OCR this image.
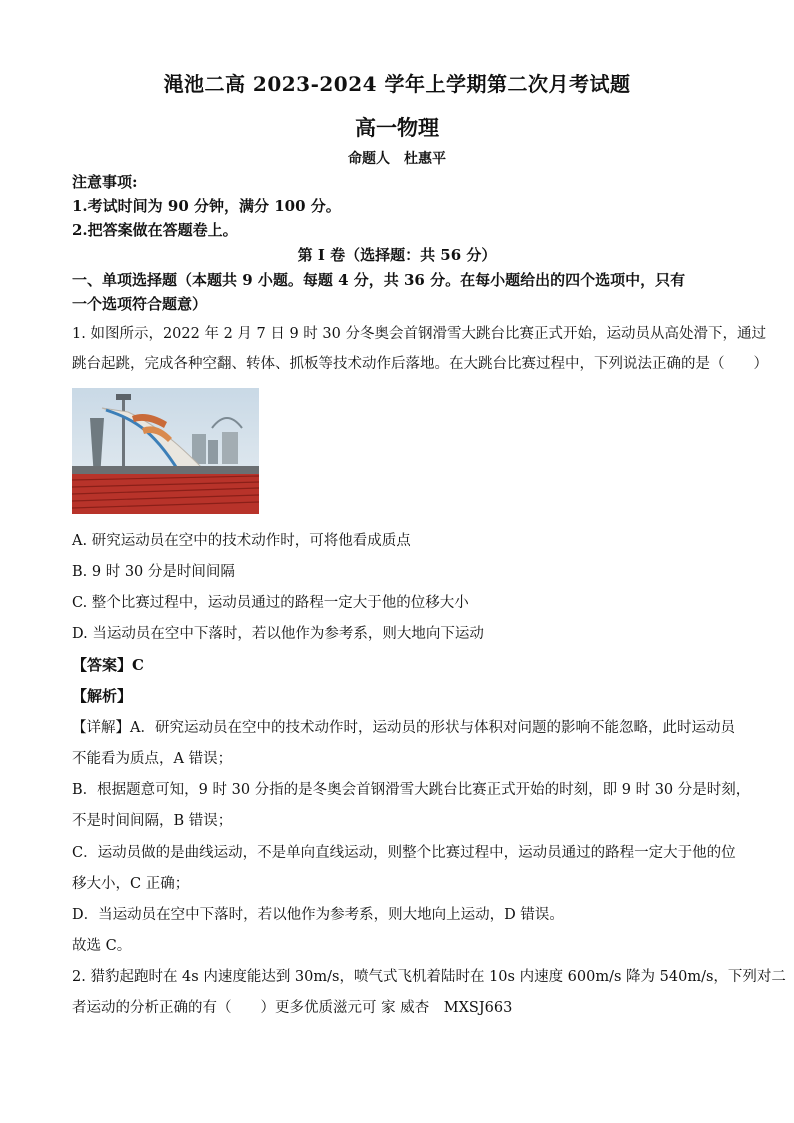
渑池二高 2023-2024 学年上学期第二次月考试题
高一物理
命题人　杜惠平
注意事项:
1.考试时间为 90 分钟，满分 100 分。
2.把答案做在答题卷上。
第 I 卷（选择题：共 56 分）
一、单项选择题（本题共 9 小题。每题 4 分，共 36 分。在每小题给出的四个选项中，只有
一个选项符合题意）
1. 如图所示，2022 年 2 月 7 日 9 时 30 分冬奥会首钢滑雪大跳台比赛正式开始，运动员从高处滑下，通过
跳台起跳，完成各种空翻、转体、抓板等技术动作后落地。在大跳台比赛过程中，下列说法正确的是（　　）
A. 研究运动员在空中的技术动作时，可将他看成质点
B. 9 时 30 分是时间间隔
C. 整个比赛过程中，运动员通过的路程一定大于他的位移大小
D. 当运动员在空中下落时，若以他作为参考系，则大地向下运动
【答案】C
【解析】
【详解】A．研究运动员在空中的技术动作时，运动员的形状与体积对问题的影响不能忽略，此时运动员
不能看为质点，A 错误；
B．根据题意可知，9 时 30 分指的是冬奥会首钢滑雪大跳台比赛正式开始的时刻，即 9 时 30 分是时刻，
不是时间间隔，B 错误；
C．运动员做的是曲线运动，不是单向直线运动，则整个比赛过程中，运动员通过的路程一定大于他的位
移大小，C 正确；
D．当运动员在空中下落时，若以他作为参考系，则大地向上运动，D 错误。
故选 C。
2. 猎豹起跑时在 4s 内速度能达到 30m/s，喷气式飞机着陆时在 10s 内速度 600m/s 降为 540m/s，下列对二
者运动的分析正确的有（　　）更多优质滋元可 家 威杏　MXSJ663
